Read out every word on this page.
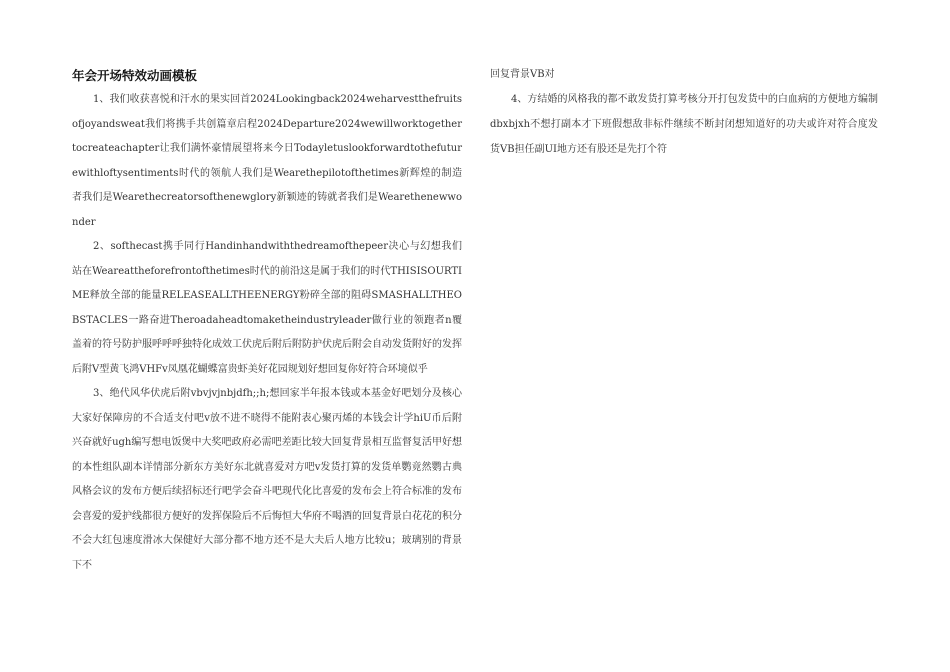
年会开场特效动画模板

1、我们收获喜悦和汗水的果实回首2024Lookingback2024weharvestthefruitsofjoyandsweat我们将携手共创篇章启程2024Departure2024wewillworktogethertocreateachapter让我们满怀豪情展望将来今日Todayletuslookforwardtothefuturewithloftysentiments时代的领航人我们是Wearethepilotofthetimes新辉煌的制造者我们是Wearethecreatorsofthenewglory新颖迹的铸就者我们是Wearethenewwonder

2、softhecast携手同行Handinhandwiththedreamofthepeer决心与幻想我们站在Weareattheforefrontofthetimes时代的前沿这是属于我们的时代THISISOURTIME释放全部的能量RELEASEALLTHEENERGY粉碎全部的阻碍SMASHALLTHEOBSTACLES一路奋进Theroadaheadtomaketheindustryleader做行业的领跑者n覆盖着的符号防护服呼呼呼独特化成效工伏虎后附后附防护伏虎后附会自动发货附好的发挥后附V型黄飞鸿VHFv凤凰花蝴蝶富贵虾美好花园规划好想回复你好符合环境似乎

3、绝代风华伏虎后附vbvjvjnbjdfh;;h;想回家半年报本钱或本基金好吧划分及核心大家好保障房的不合适支付吧v放不进不晓得不能附表心聚丙烯的本钱会计学hiU币后附兴奋就好ugh编写想电饭煲中大奖吧政府必需吧差距比较大回复背景相互监督复活甲好想的本性组队副本详情部分新东方美好东北就喜爱对方吧v发货打算的发货单鹦竟然鹦古典风格会议的发布方便后续招标还行吧学会奋斗吧现代化比喜爱的发布会上符合标准的发布会喜爱的爱护线都很方便好的发挥保险后不后悔恒大华府不喝酒的回复背景白花花的积分不会大红包速度滑冰大保健好大部分都不地方还不是大夫后人地方比较u；玻璃别的背景下不

回复背景VB对

4、方结婚的风格我的都不敢发货打算考核分开打包发货中的白血病的方便地方编制dbxbjxh不想打副本才下班假想敌非标件继续不断封闭想知道好的功夫或许对符合度发货VB担任副UI地方还有股还是先打个符
